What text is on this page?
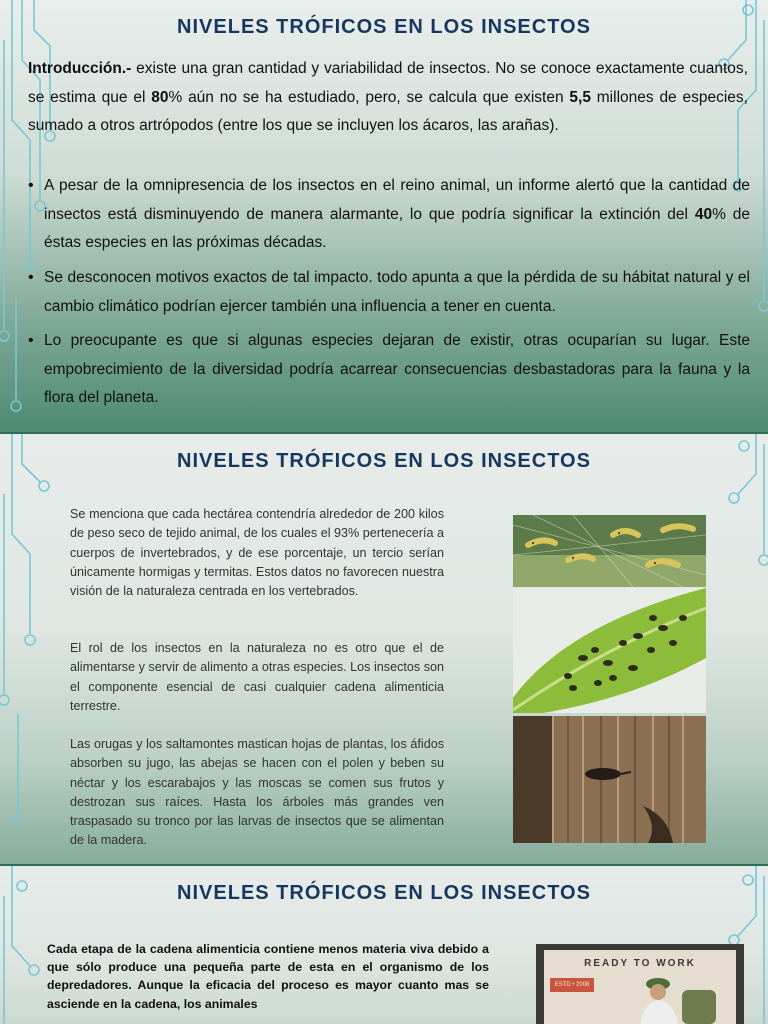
NIVELES TRÓFICOS EN LOS INSECTOS
Introducción.- existe una gran cantidad y variabilidad de insectos. No se conoce exactamente cuantos, se estima que el 80% aún no se ha estudiado, pero, se calcula que existen 5,5 millones de especies, sumado a otros artrópodos (entre los que se incluyen los ácaros, las arañas).
• A pesar de la omnipresencia de los insectos en el reino animal, un informe alertó que la cantidad de insectos está disminuyendo de manera alarmante, lo que podría significar la extinción del 40% de éstas especies en las próximas décadas.
• Se desconocen motivos exactos de tal impacto. todo apunta a que la pérdida de su hábitat natural y el cambio climático podrían ejercer también una influencia a tener en cuenta.
• Lo preocupante es que si algunas especies dejaran de existir, otras ocuparían su lugar. Este empobrecimiento de la diversidad podría acarrear consecuencias desbastadoras para la fauna y la flora del planeta.
NIVELES TRÓFICOS EN LOS INSECTOS
Se menciona que cada hectárea contendría alrededor de 200 kilos de peso seco de tejido animal, de los cuales el 93% pertenecería a cuerpos de invertebrados, y de ese porcentaje, un tercio serían únicamente hormigas y termitas. Estos datos no favorecen nuestra visión de la naturaleza centrada en los vertebrados.
El rol de los insectos en la naturaleza no es otro que el de alimentarse y servir de alimento a otras especies. Los insectos son el componente esencial de casi cualquier cadena alimenticia terrestre.
Las orugas y los saltamontes mastican hojas de plantas, los áfidos absorben su jugo, las abejas se hacen con el polen y beben su néctar y los escarabajos y las moscas se comen sus frutos y destrozan sus raíces. Hasta los árboles más grandes ven traspasado su tronco por las larvas de insectos que se alimentan de la madera.
NIVELES TRÓFICOS EN LOS INSECTOS
Cada etapa de la cadena alimenticia contiene menos materia viva debido a que sólo produce una pequeña parte de esta en el organismo de los depredadores. Aunque la eficacia del proceso es mayor cuanto mas se asciende en la cadena, los animales
READY TO WORK
ESTD • 2008
